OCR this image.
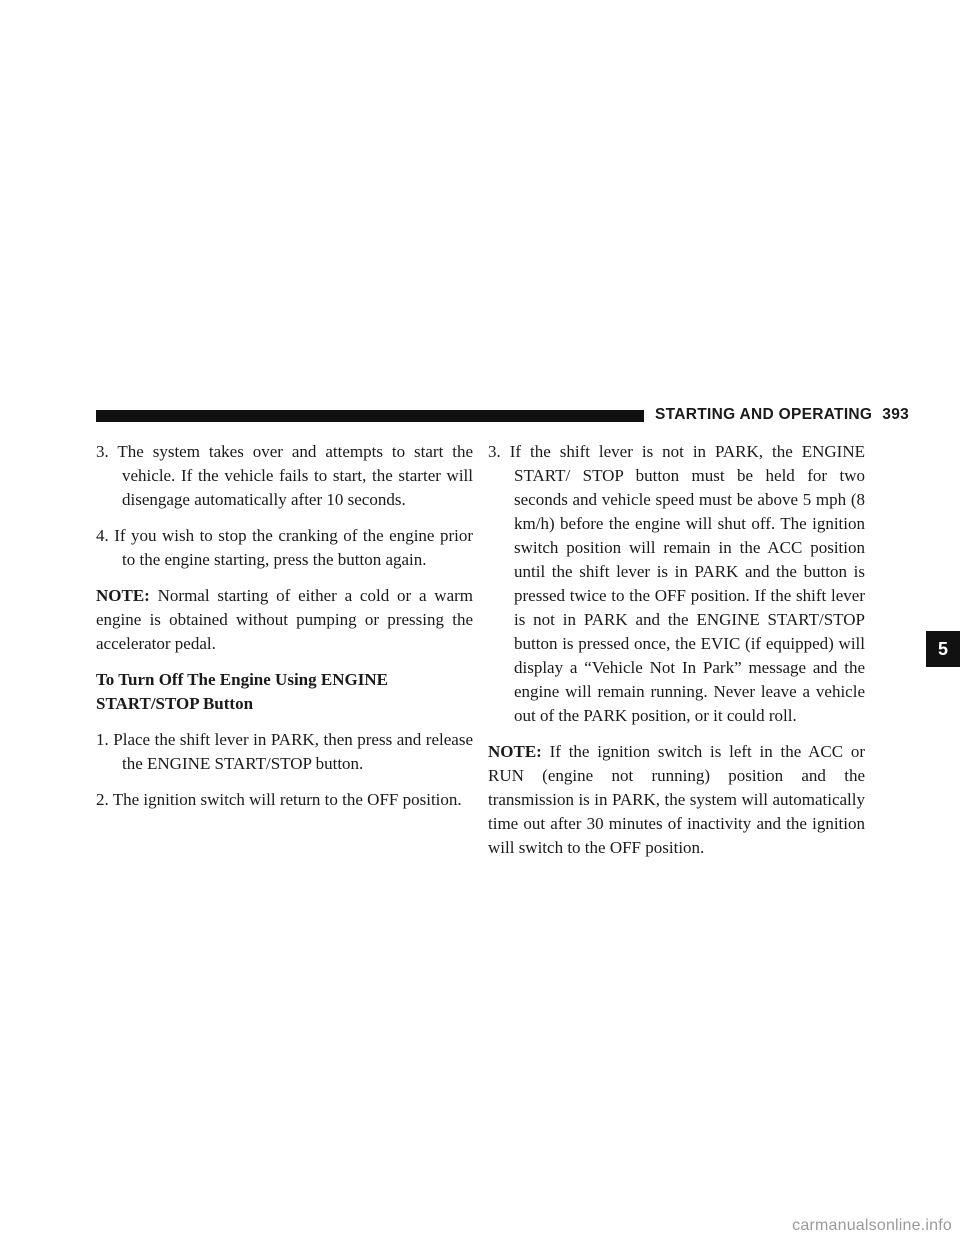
STARTING AND OPERATING 393

3. The system takes over and attempts to start the vehicle. If the vehicle fails to start, the starter will disengage automatically after 10 seconds.

4. If you wish to stop the cranking of the engine prior to the engine starting, press the button again.

NOTE: Normal starting of either a cold or a warm engine is obtained without pumping or pressing the accelerator pedal.

To Turn Off The Engine Using ENGINE
START/STOP Button

1. Place the shift lever in PARK, then press and release the ENGINE START/STOP button.

2. The ignition switch will return to the OFF position.

3. If the shift lever is not in PARK, the ENGINE START/ STOP button must be held for two seconds and vehicle speed must be above 5 mph (8 km/h) before the engine will shut off. The ignition switch position will remain in the ACC position until the shift lever is in PARK and the button is pressed twice to the OFF position. If the shift lever is not in PARK and the ENGINE START/STOP button is pressed once, the EVIC (if equipped) will display a “Vehicle Not In Park” message and the engine will remain running. Never leave a vehicle out of the PARK position, or it could roll.

NOTE: If the ignition switch is left in the ACC or RUN (engine not running) position and the transmission is in PARK, the system will automatically time out after 30 minutes of inactivity and the ignition will switch to the OFF position.

5
carmanualsonline.info
